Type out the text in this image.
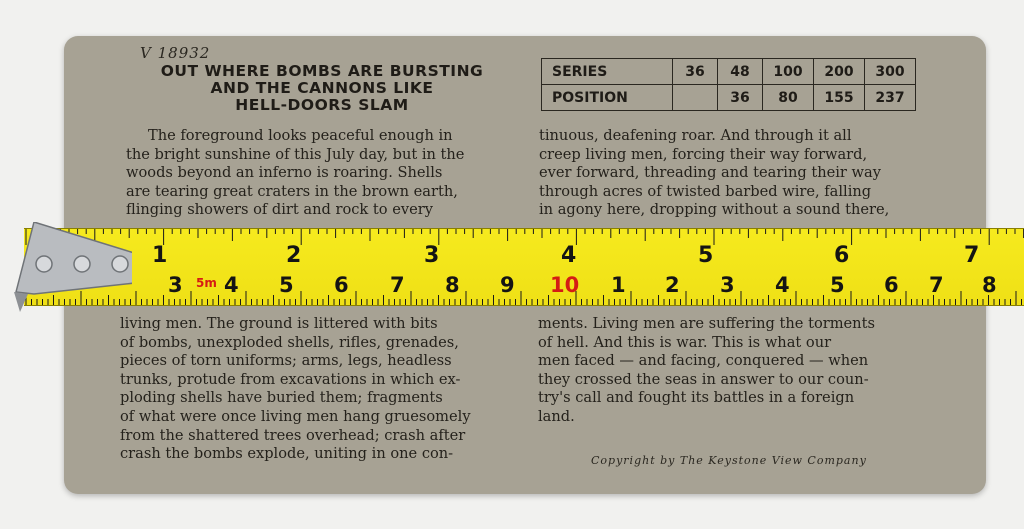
V 18932
OUT WHERE BOMBS ARE BURSTING
AND THE CANNONS LIKE
HELL-DOORS SLAM
SERIES	36	48	100	200	300
POSITION		36	80	155	237
The foreground looks peaceful enough in
the bright sunshine of this July day, but in the
woods beyond an inferno is roaring. Shells
are tearing great craters in the brown earth,
flinging showers of dirt and rock to every
tinuous, deafening roar. And through it all
creep living men, forcing their way forward,
ever forward, threading and tearing their way
through acres of twisted barbed wire, falling
in agony here, dropping without a sound there,
living men. The ground is littered with bits
of bombs, unexploded shells, rifles, grenades,
pieces of torn uniforms; arms, legs, headless
trunks, protude from excavations in which ex-
ploding shells have buried them; fragments
of what were once living men hang gruesomely
from the shattered trees overhead; crash after
crash the bombs explode, uniting in one con-
ments. Living men are suffering the torments
of hell. And this is war. This is what our
men faced — and facing, conquered — when
they crossed the seas in answer to our coun-
try's call and fought its battles in a foreign
land.
Copyright by The Keystone View Company
2	3	4	5	6	7
1
3 5m 4 5 6 7 8 9 10 1 2 3 4 5 6 7 8
